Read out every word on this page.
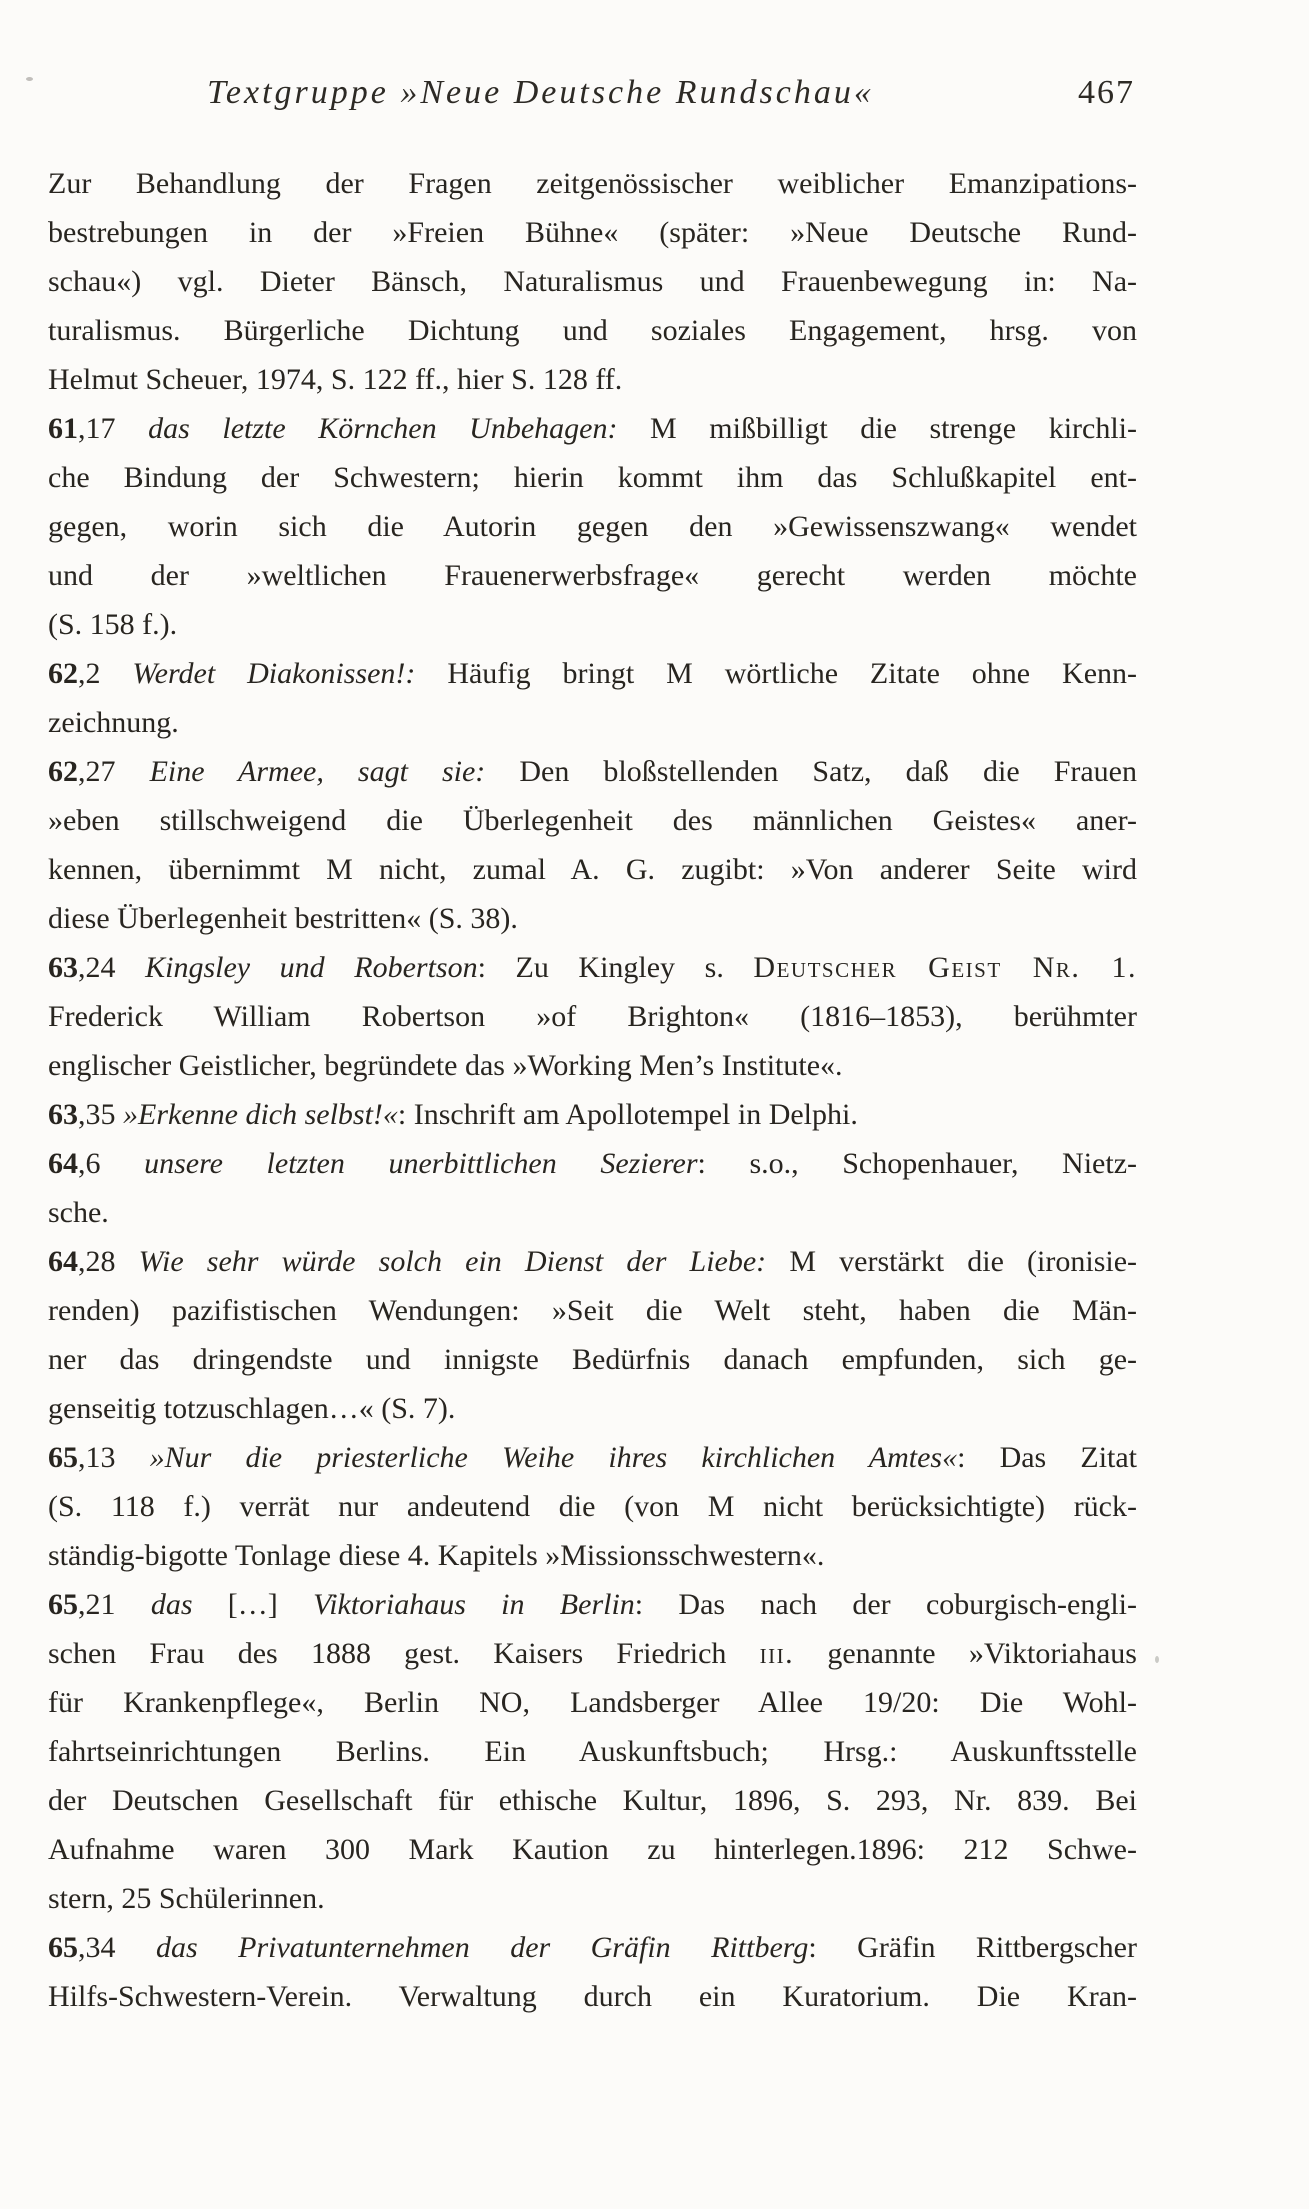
Textgruppe »Neue Deutsche Rundschau«	467
Zur Behandlung der Fragen zeitgenössischer weiblicher Emanzipations-
bestrebungen in der »Freien Bühne« (später: »Neue Deutsche Rund-
schau«) vgl. Dieter Bänsch, Naturalismus und Frauenbewegung in: Na-
turalismus. Bürgerliche Dichtung und soziales Engagement, hrsg. von
Helmut Scheuer, 1974, S. 122 ff., hier S. 128 ff.
61,17 das letzte Körnchen Unbehagen: M mißbilligt die strenge kirchli-
che Bindung der Schwestern; hierin kommt ihm das Schlußkapitel ent-
gegen, worin sich die Autorin gegen den »Gewissenszwang« wendet
und der »weltlichen Frauenerwerbsfrage« gerecht werden möchte
(S. 158 f.).
62,2 Werdet Diakonissen!: Häufig bringt M wörtliche Zitate ohne Kenn-
zeichnung.
62,27 Eine Armee, sagt sie: Den bloßstellenden Satz, daß die Frauen
»eben stillschweigend die Überlegenheit des männlichen Geistes« aner-
kennen, übernimmt M nicht, zumal A. G. zugibt: »Von anderer Seite wird
diese Überlegenheit bestritten« (S. 38).
63,24 Kingsley und Robertson: Zu Kingley s. Deutscher Geist Nr. 1.
Frederick William Robertson »of Brighton« (1816–1853), berühmter
englischer Geistlicher, begründete das »Working Men’s Institute«.
63,35 »Erkenne dich selbst!«: Inschrift am Apollotempel in Delphi.
64,6 unsere letzten unerbittlichen Sezierer: s.o., Schopenhauer, Nietz-
sche.
64,28 Wie sehr würde solch ein Dienst der Liebe: M verstärkt die (ironisie-
renden) pazifistischen Wendungen: »Seit die Welt steht, haben die Män-
ner das dringendste und innigste Bedürfnis danach empfunden, sich ge-
genseitig totzuschlagen…« (S. 7).
65,13 »Nur die priesterliche Weihe ihres kirchlichen Amtes«: Das Zitat
(S. 118 f.) verrät nur andeutend die (von M nicht berücksichtigte) rück-
ständig-bigotte Tonlage diese 4. Kapitels »Missionsschwestern«.
65,21 das […] Viktoriahaus in Berlin: Das nach der coburgisch-engli-
schen Frau des 1888 gest. Kaisers Friedrich iii. genannte »Viktoriahaus
für Krankenpflege«, Berlin NO, Landsberger Allee 19/20: Die Wohl-
fahrtseinrichtungen Berlins. Ein Auskunftsbuch; Hrsg.: Auskunftsstelle
der Deutschen Gesellschaft für ethische Kultur, 1896, S. 293, Nr. 839. Bei
Aufnahme waren 300 Mark Kaution zu hinterlegen.1896: 212 Schwe-
stern, 25 Schülerinnen.
65,34 das Privatunternehmen der Gräfin Rittberg: Gräfin Rittbergscher
Hilfs-Schwestern-Verein. Verwaltung durch ein Kuratorium. Die Kran-
